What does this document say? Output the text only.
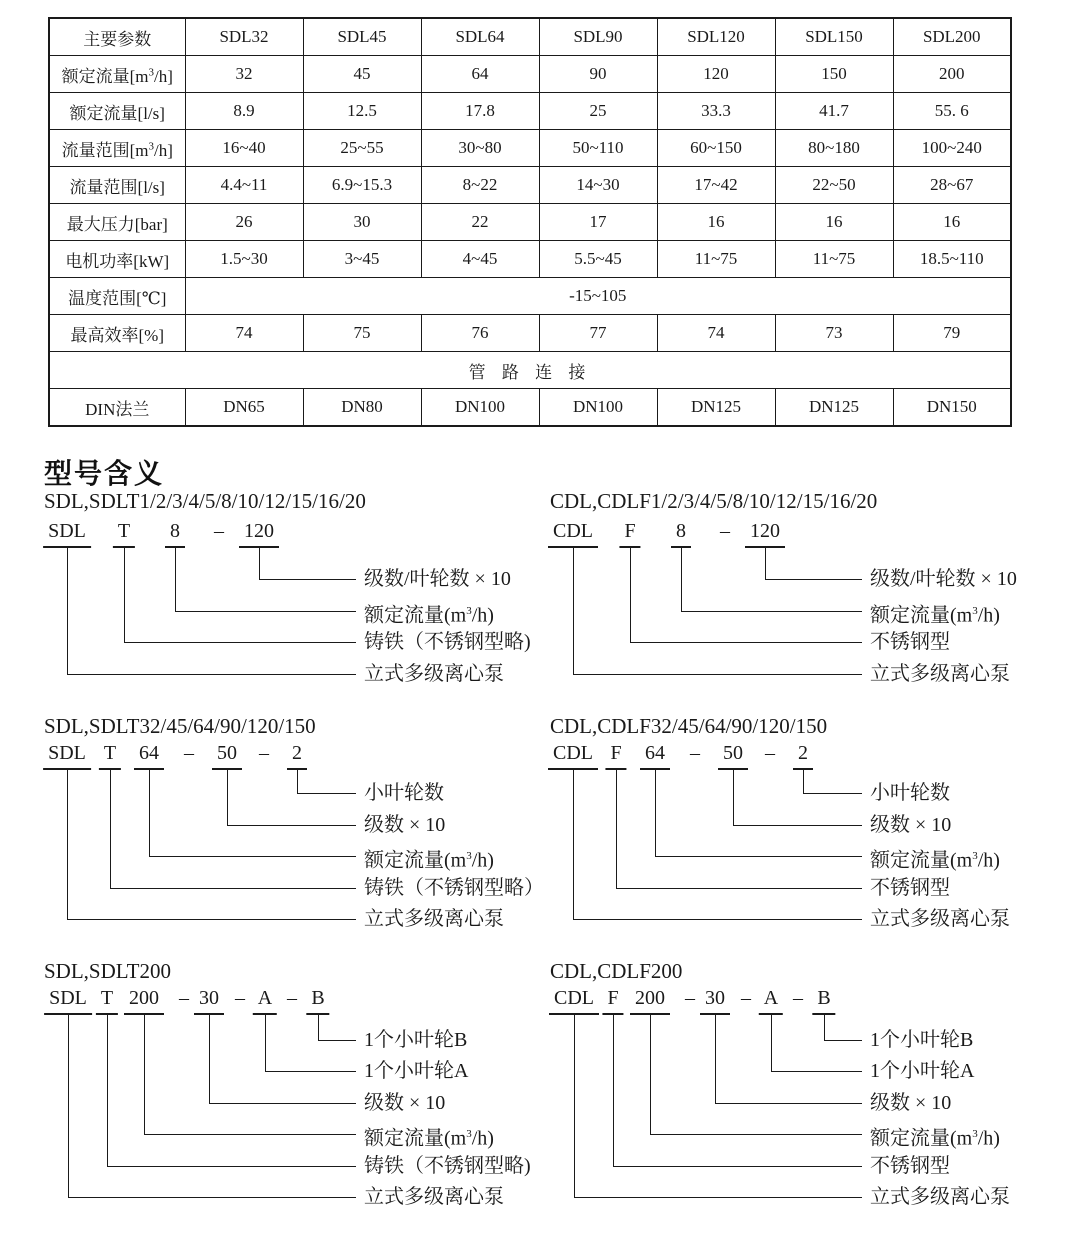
主要参数	SDL32	SDL45	SDL64	SDL90	SDL120	SDL150	SDL200
额定流量$[m^3/h]$	32	45	64	90	120	150	200
额定流量[l/s]	8.9	12.5	17.8	25	33.3	41.7	55. 6
流量范围$[m^3/h]$	16~40	25~55	30~80	50~110	60~150	80~180	100~240
流量范围[l/s]	4.4~11	6.9~15.3	8~22	14~30	17~42	22~50	28~67
最大压力[bar]	26	30	22	17	16	16	16
电机功率[kW]	1.5~30	3~45	4~45	5.5~45	11~75	11~75	18.5~110
温度范围[℃]	-15~105						
最高效率[%]	74	75	76	77	74	73	79
管 路 连 接							
DIN法兰	DN65	DN80	DN100	DN100	DN125	DN125	DN150
型号含义
SDL,SDLT1/2/3/4/5/8/10/12/15/16/20
SDL T 8 – 120
级数/叶轮数 × 10
额定流量$(m^3/h)$
铸铁（不锈钢型略)
立式多级离心泵
CDL,CDLF1/2/3/4/5/8/10/12/15/16/20
CDL F 8 – 120
级数/叶轮数 × 10
额定流量$(m^3/h)$
不锈钢型
立式多级离心泵
SDL,SDLT32/45/64/90/120/150
SDL T 64 – 50 – 2
小叶轮数
级数 × 10
额定流量$(m^3/h)$
铸铁（不锈钢型略）
立式多级离心泵
CDL,CDLF32/45/64/90/120/150
CDL F 64 – 50 – 2
小叶轮数
级数 × 10
额定流量$(m^3/h)$
不锈钢型
立式多级离心泵
SDL,SDLT200
SDL T 200 – 30 – A – B
1个小叶轮B
1个小叶轮A
级数 × 10
额定流量$(m^3/h)$
铸铁（不锈钢型略)
立式多级离心泵
CDL,CDLF200
CDL F 200 – 30 – A – B
1个小叶轮B
1个小叶轮A
级数 × 10
额定流量$(m^3/h)$
不锈钢型
立式多级离心泵
